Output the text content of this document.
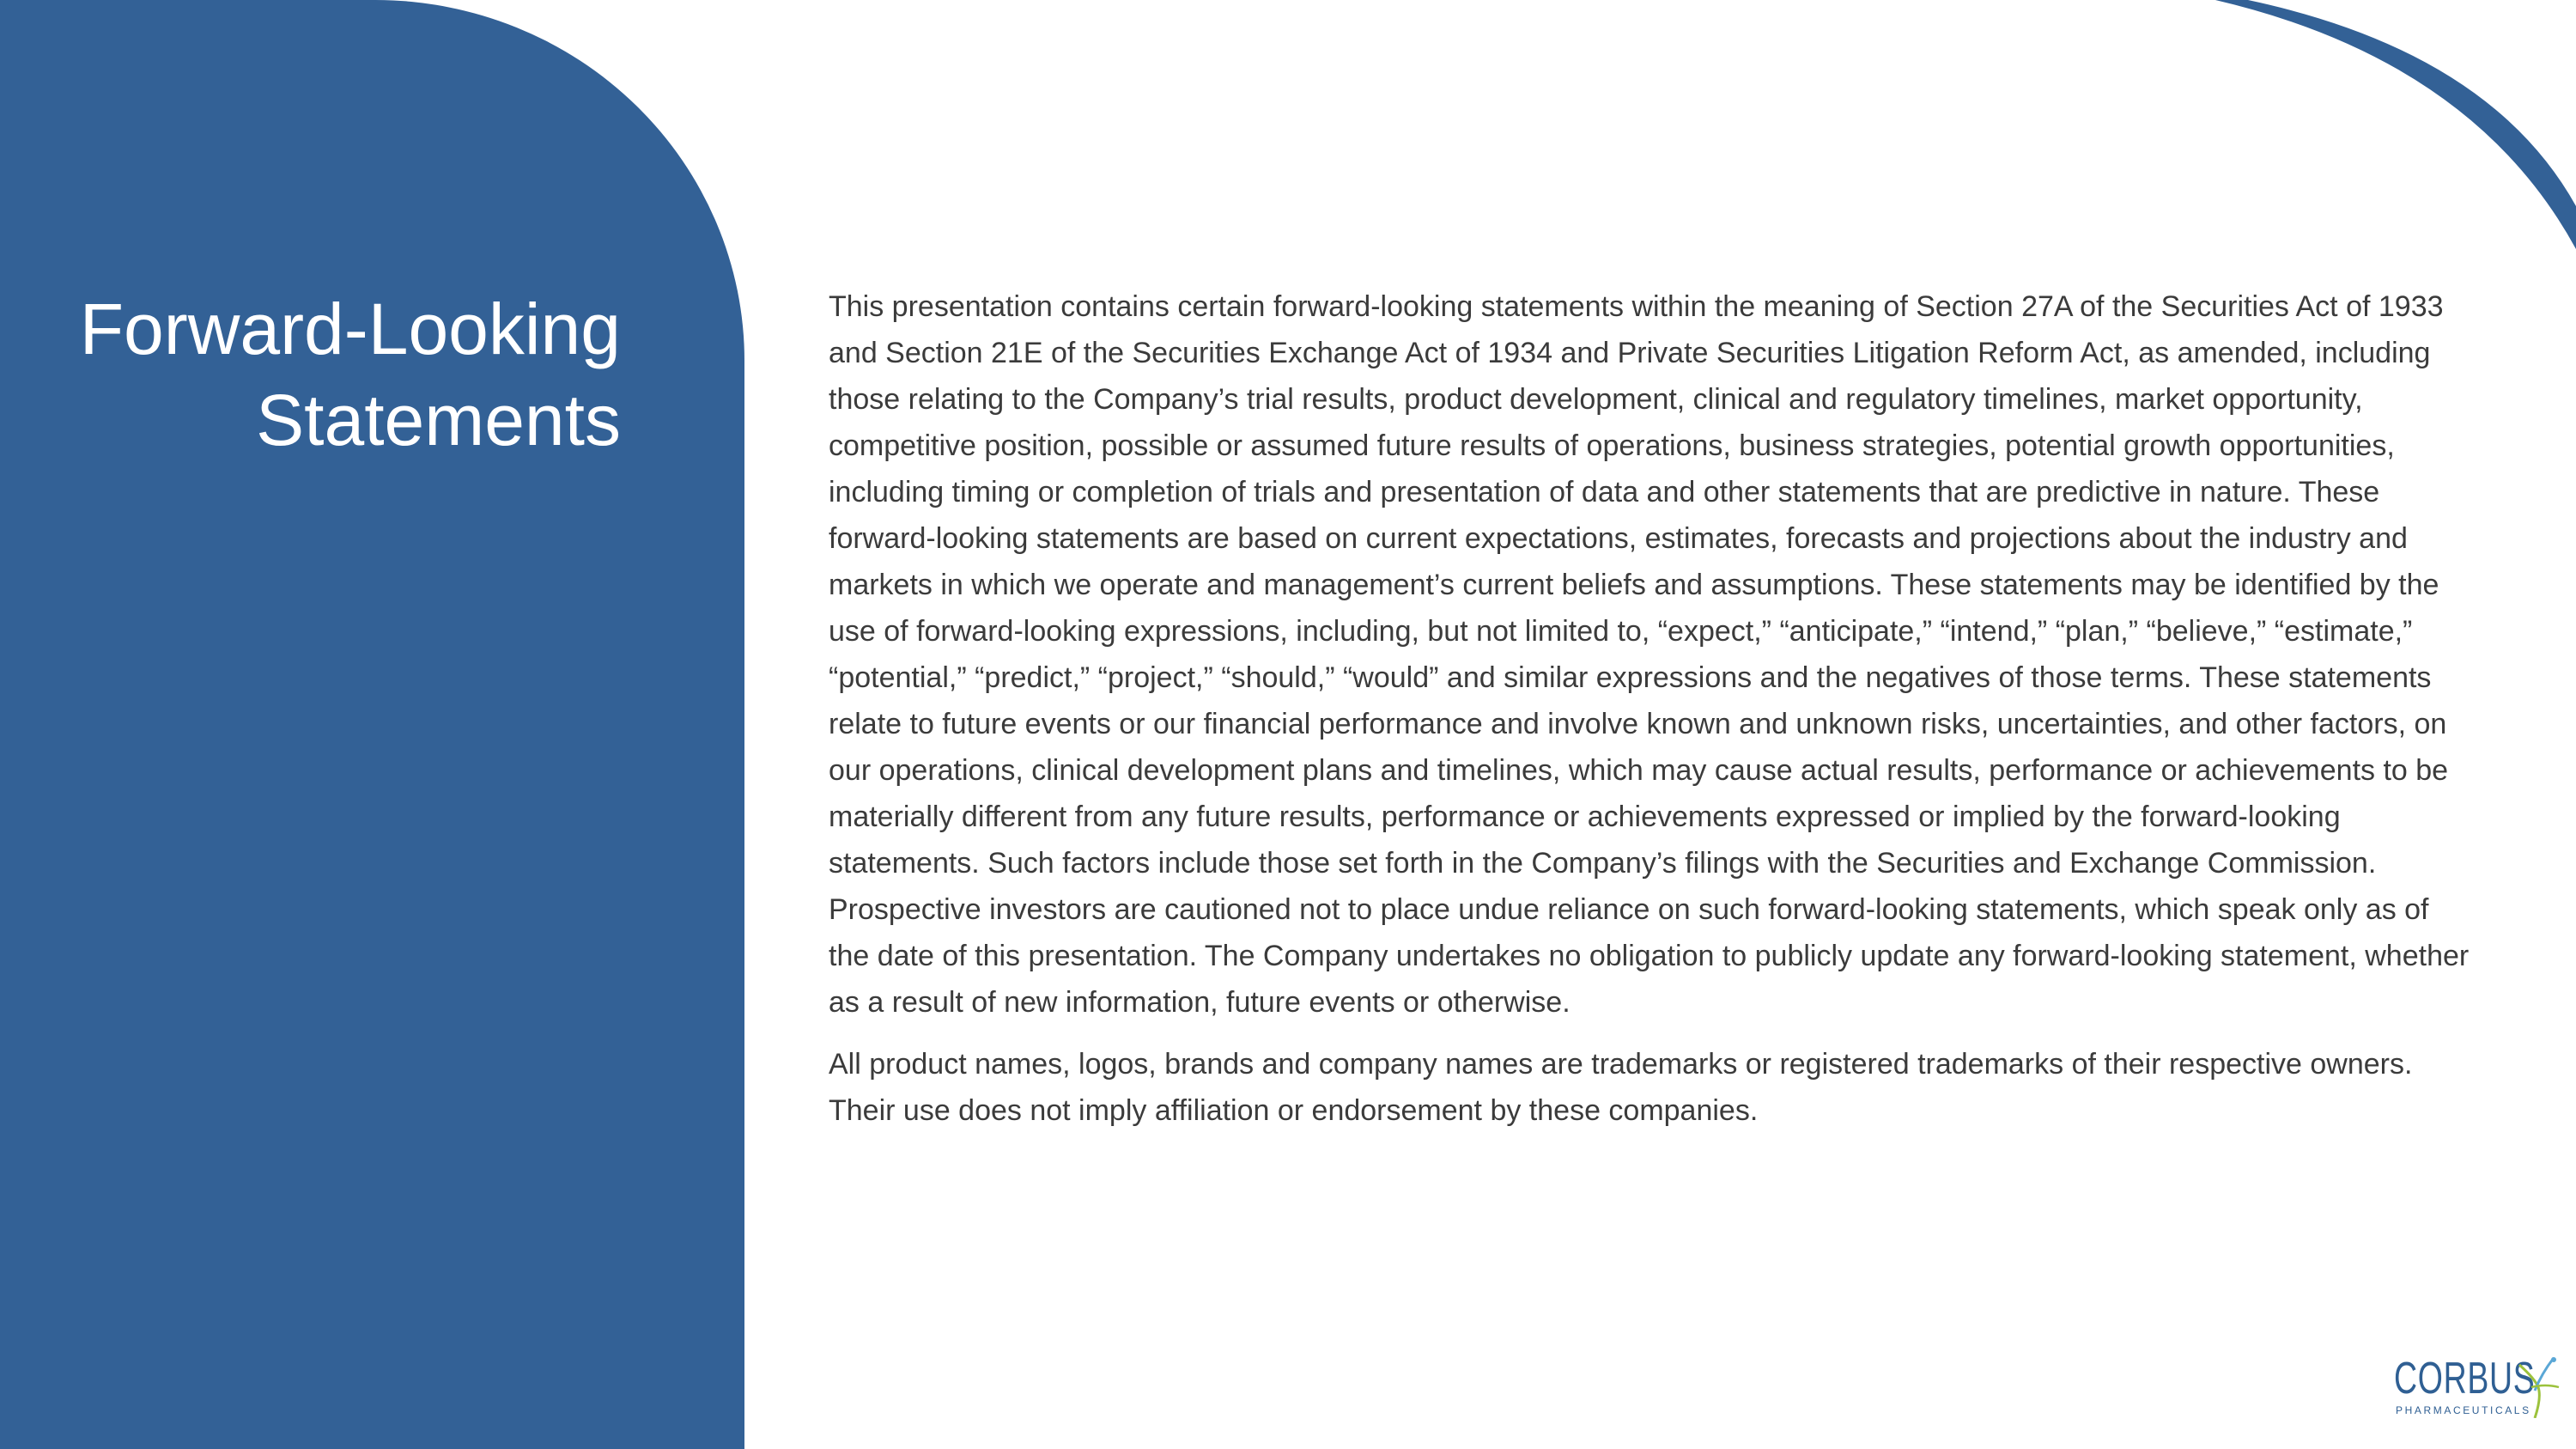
Forward-Looking Statements

This presentation contains certain forward-looking statements within the meaning of Section 27A of the Securities Act of 1933 and Section 21E of the Securities Exchange Act of 1934 and Private Securities Litigation Reform Act, as amended, including those relating to the Company’s trial results, product development, clinical and regulatory timelines, market opportunity, competitive position, possible or assumed future results of operations, business strategies, potential growth opportunities, including timing or completion of trials and presentation of data and other statements that are predictive in nature. These forward-looking statements are based on current expectations, estimates, forecasts and projections about the industry and markets in which we operate and management’s current beliefs and assumptions. These statements may be identified by the use of forward-looking expressions, including, but not limited to, “expect,” “anticipate,” “intend,” “plan,” “believe,” “estimate,” “potential,” “predict,” “project,” “should,” “would” and similar expressions and the negatives of those terms. These statements relate to future events or our financial performance and involve known and unknown risks, uncertainties, and other factors, on our operations, clinical development plans and timelines, which may cause actual results, performance or achievements to be materially different from any future results, performance or achievements expressed or implied by the forward-looking statements. Such factors include those set forth in the Company’s filings with the Securities and Exchange Commission. Prospective investors are cautioned not to place undue reliance on such forward-looking statements, which speak only as of the date of this presentation. The Company undertakes no obligation to publicly update any forward-looking statement, whether as a result of new information, future events or otherwise.

All product names, logos, brands and company names are trademarks or registered trademarks of their respective owners. Their use does not imply affiliation or endorsement by these companies.

CORBUS
PHARMACEUTICALS
